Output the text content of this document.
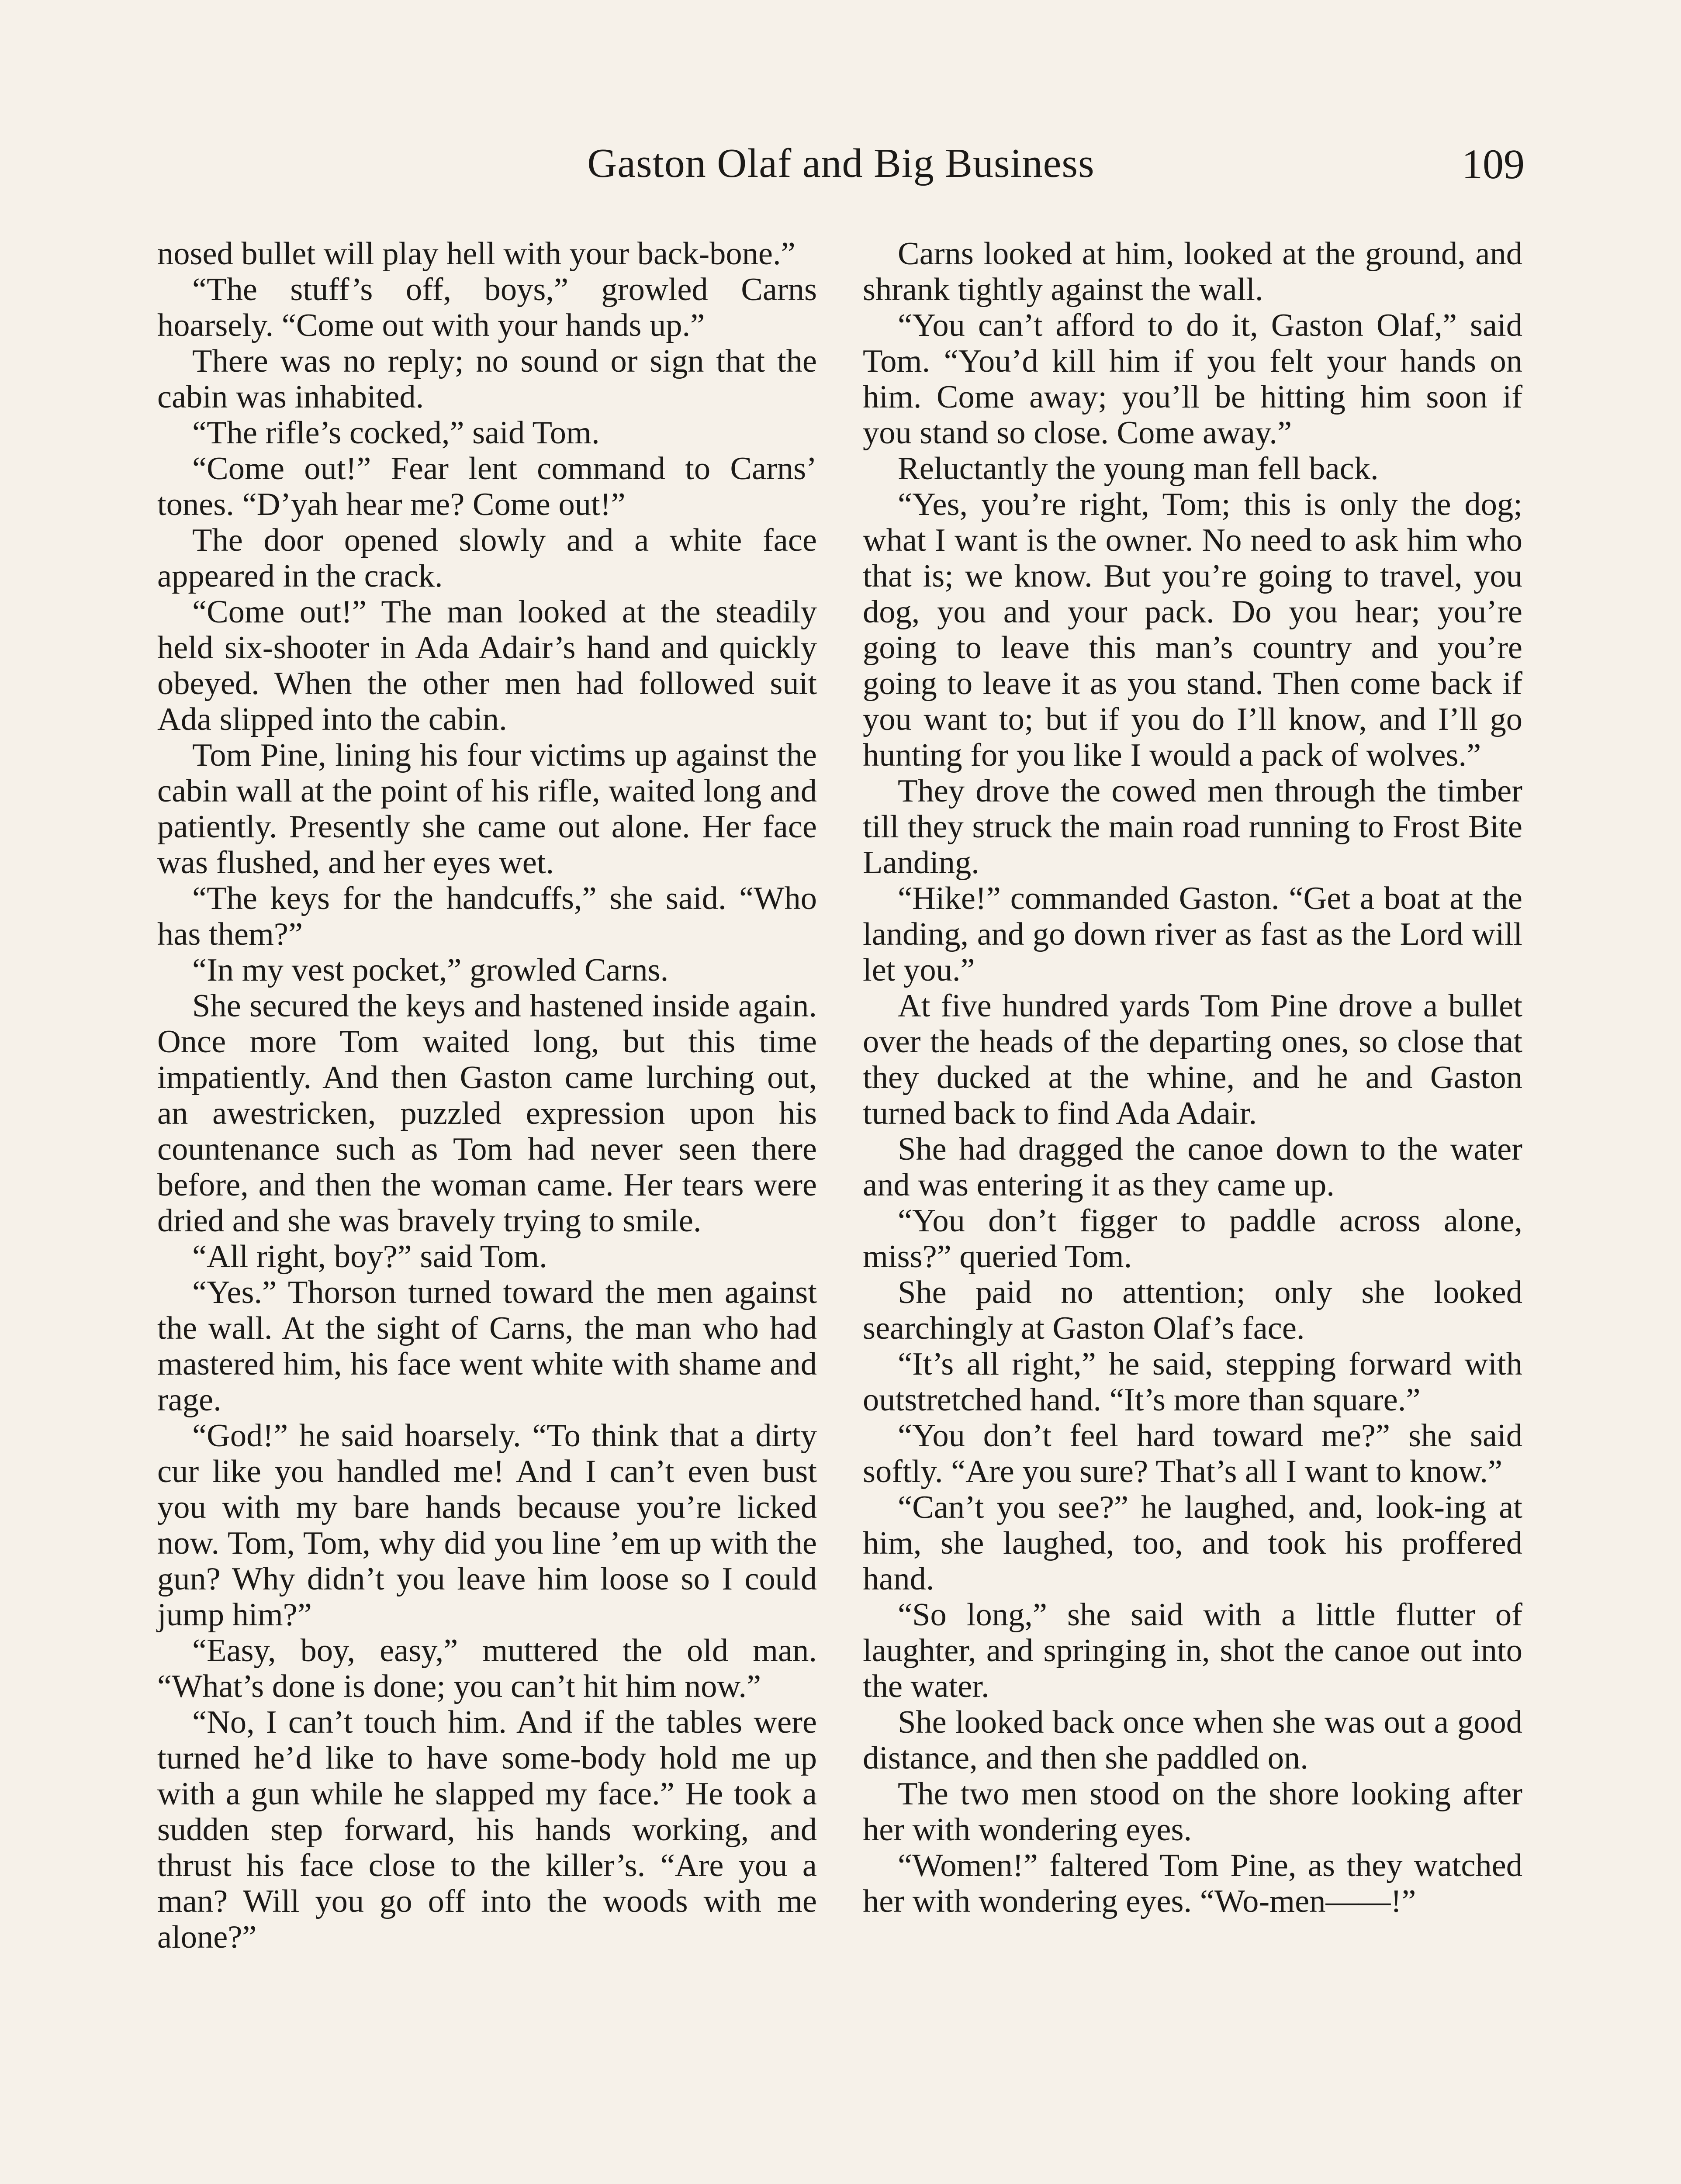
Gaston Olaf and Big Business	109

nosed bullet will play hell with your back-bone.”

“The stuff’s off, boys,” growled Carns hoarsely. “Come out with your hands up.”

There was no reply; no sound or sign that the cabin was inhabited.

“The rifle’s cocked,” said Tom.

“Come out!” Fear lent command to Carns’ tones. “D’yah hear me? Come out!”

The door opened slowly and a white face appeared in the crack.

“Come out!” The man looked at the steadily held six-shooter in Ada Adair’s hand and quickly obeyed. When the other men had followed suit Ada slipped into the cabin.

Tom Pine, lining his four victims up against the cabin wall at the point of his rifle, waited long and patiently. Presently she came out alone. Her face was flushed, and her eyes wet.

“The keys for the handcuffs,” she said. “Who has them?”

“In my vest pocket,” growled Carns.

She secured the keys and hastened inside again. Once more Tom waited long, but this time impatiently. And then Gaston came lurching out, an awestricken, puzzled expression upon his countenance such as Tom had never seen there before, and then the woman came. Her tears were dried and she was bravely trying to smile.

“All right, boy?” said Tom.

“Yes.” Thorson turned toward the men against the wall. At the sight of Carns, the man who had mastered him, his face went white with shame and rage.

“God!” he said hoarsely. “To think that a dirty cur like you handled me! And I can’t even bust you with my bare hands because you’re licked now. Tom, Tom, why did you line ’em up with the gun? Why didn’t you leave him loose so I could jump him?”

“Easy, boy, easy,” muttered the old man. “What’s done is done; you can’t hit him now.”

“No, I can’t touch him. And if the tables were turned he’d like to have some-body hold me up with a gun while he slapped my face.” He took a sudden step forward, his hands working, and thrust his face close to the killer’s. “Are you a man? Will you go off into the woods with me alone?”

Carns looked at him, looked at the ground, and shrank tightly against the wall.

“You can’t afford to do it, Gaston Olaf,” said Tom. “You’d kill him if you felt your hands on him. Come away; you’ll be hitting him soon if you stand so close. Come away.”

Reluctantly the young man fell back.

“Yes, you’re right, Tom; this is only the dog; what I want is the owner. No need to ask him who that is; we know. But you’re going to travel, you dog, you and your pack. Do you hear; you’re going to leave this man’s country and you’re going to leave it as you stand. Then come back if you want to; but if you do I’ll know, and I’ll go hunting for you like I would a pack of wolves.”

They drove the cowed men through the timber till they struck the main road running to Frost Bite Landing.

“Hike!” commanded Gaston. “Get a boat at the landing, and go down river as fast as the Lord will let you.”

At five hundred yards Tom Pine drove a bullet over the heads of the departing ones, so close that they ducked at the whine, and he and Gaston turned back to find Ada Adair.

She had dragged the canoe down to the water and was entering it as they came up.

“You don’t figger to paddle across alone, miss?” queried Tom.

She paid no attention; only she looked searchingly at Gaston Olaf’s face.

“It’s all right,” he said, stepping forward with outstretched hand. “It’s more than square.”

“You don’t feel hard toward me?” she said softly. “Are you sure? That’s all I want to know.”

“Can’t you see?” he laughed, and, look-ing at him, she laughed, too, and took his proffered hand.

“So long,” she said with a little flutter of laughter, and springing in, shot the canoe out into the water.

She looked back once when she was out a good distance, and then she paddled on.

The two men stood on the shore looking after her with wondering eyes.

“Women!” faltered Tom Pine, as they watched her with wondering eyes. “Wo-men——!”
